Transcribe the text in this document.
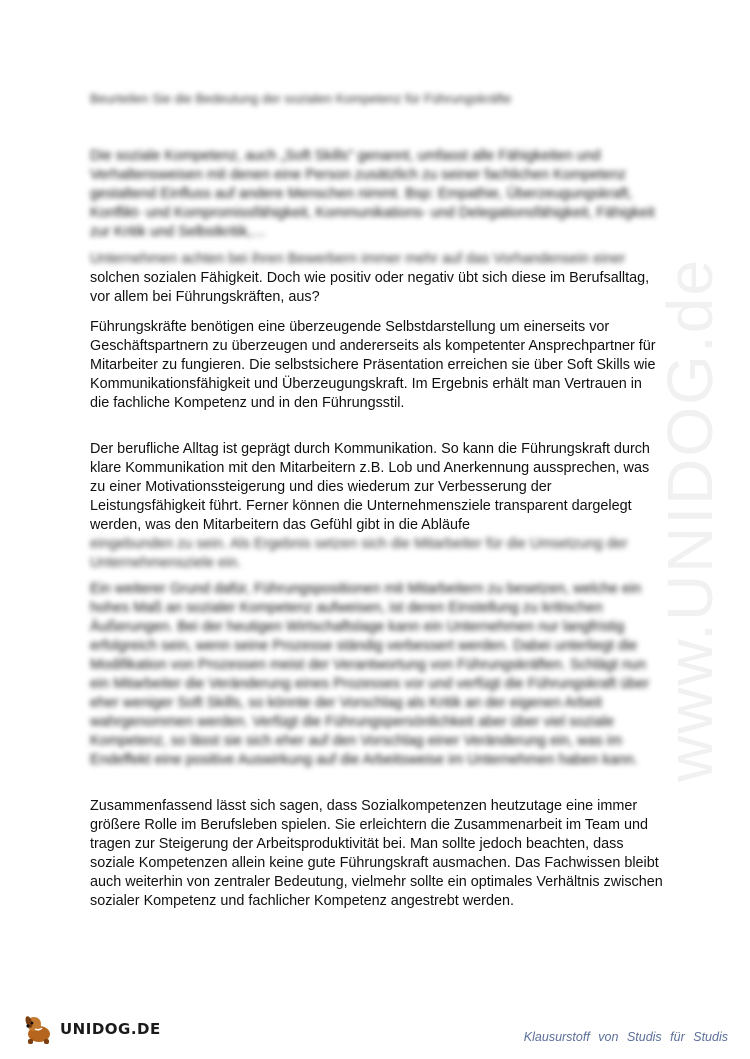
www.UNIDOG.de
Beurteilen Sie die Bedeutung der sozialen Kompetenz für Führungskräfte

Die soziale Kompetenz, auch „Soft Skills" genannt, umfasst alle Fähigkeiten und Verhaltensweisen mit denen eine Person zusätzlich zu seiner fachlichen Kompetenz gestaltend Einfluss auf andere Menschen nimmt. Bsp: Empathie, Überzeugungskraft, Konflikt- und Kompromissfähigkeit, Kommunikations- und Delegationsfähigkeit, Fähigkeit zur Kritik und Selbstkritik,…

Unternehmen achten bei ihren Bewerbern immer mehr auf das Vorhandensein einer

solchen sozialen Fähigkeit. Doch wie positiv oder negativ übt sich diese im Berufsalltag, vor allem bei Führungskräften, aus?

Führungskräfte benötigen eine überzeugende Selbstdarstellung um einerseits vor Geschäftspartnern zu überzeugen und andererseits als kompetenter Ansprechpartner für Mitarbeiter zu fungieren. Die selbstsichere Präsentation erreichen sie über Soft Skills wie Kommunikationsfähigkeit und Überzeugungskraft. Im Ergebnis erhält man Vertrauen in die fachliche Kompetenz und in den Führungsstil.

Der berufliche Alltag ist geprägt durch Kommunikation. So kann die Führungskraft durch klare Kommunikation mit den Mitarbeitern z.B. Lob und Anerkennung aussprechen, was zu einer Motivationssteigerung und dies wiederum zur Verbesserung der Leistungsfähigkeit führt. Ferner können die Unternehmensziele transparent dargelegt werden, was den Mitarbeitern das Gefühl gibt in die Abläufe

eingebunden zu sein. Als Ergebnis setzen sich die Mitarbeiter für die Umsetzung der Unternehmensziele ein.

Ein weiterer Grund dafür, Führungspositionen mit Mitarbeitern zu besetzen, welche ein hohes Maß an sozialer Kompetenz aufweisen, ist deren Einstellung zu kritischen Äußerungen. Bei der heutigen Wirtschaftslage kann ein Unternehmen nur langfristig erfolgreich sein, wenn seine Prozesse ständig verbessert werden. Dabei unterliegt die Modifikation von Prozessen meist der Verantwortung von Führungskräften. Schlägt nun ein Mitarbeiter die Veränderung eines Prozesses vor und verfügt die Führungskraft über eher weniger Soft Skills, so könnte der Vorschlag als Kritik an der eigenen Arbeit wahrgenommen werden. Verfügt die Führungspersönlichkeit aber über viel soziale Kompetenz, so lässt sie sich eher auf den Vorschlag einer Veränderung ein, was im Endeffekt eine positive Auswirkung auf die Arbeitsweise im Unternehmen haben kann.

Zusammenfassend lässt sich sagen, dass Sozialkompetenzen heutzutage eine immer größere Rolle im Berufsleben spielen. Sie erleichtern die Zusammenarbeit im Team und tragen zur Steigerung der Arbeitsproduktivität bei. Man sollte jedoch beachten, dass soziale Kompetenzen allein keine gute Führungskraft ausmachen. Das Fachwissen bleibt auch weiterhin von zentraler Bedeutung, vielmehr sollte ein optimales Verhältnis zwischen sozialer Kompetenz und fachlicher Kompetenz angestrebt werden.

UNIDOG.DE	Klausurstoff von Studis für Studis
